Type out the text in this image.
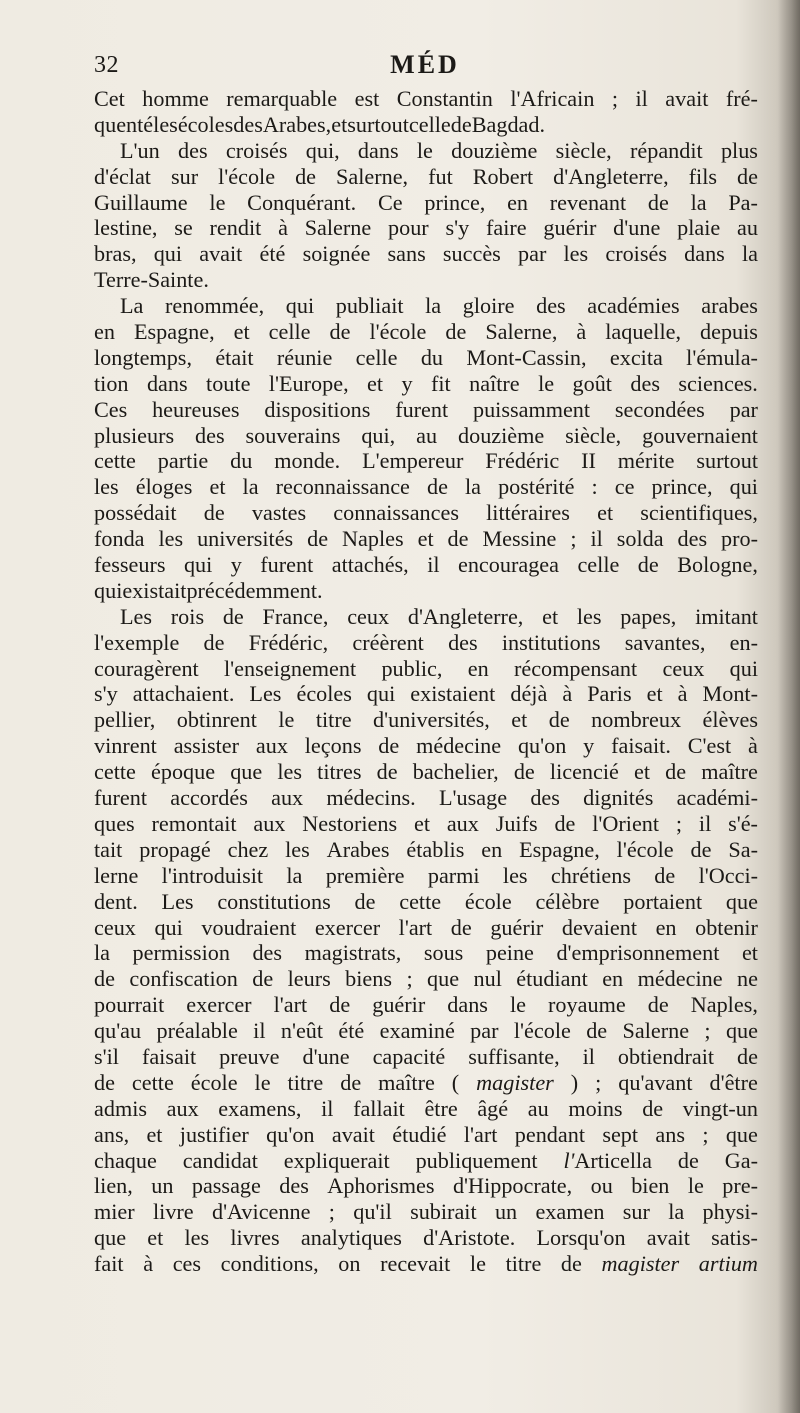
32	MÉD
Cet homme remarquable est Constantin l'Africain ; il avait fré-
quenté les écoles des Arabes, et surtout celle de Bagdad.
L'un des croisés qui, dans le douzième siècle, répandit plus
d'éclat sur l'école de Salerne, fut Robert d'Angleterre, fils de
Guillaume le Conquérant. Ce prince, en revenant de la Pa-
lestine, se rendit à Salerne pour s'y faire guérir d'une plaie au
bras, qui avait été soignée sans succès par les croisés dans la
Terre-Sainte.
La renommée, qui publiait la gloire des académies arabes
en Espagne, et celle de l'école de Salerne, à laquelle, depuis
longtemps, était réunie celle du Mont-Cassin, excita l'émula-
tion dans toute l'Europe, et y fit naître le goût des sciences.
Ces heureuses dispositions furent puissamment secondées par
plusieurs des souverains qui, au douzième siècle, gouvernaient
cette partie du monde. L'empereur Frédéric II mérite surtout
les éloges et la reconnaissance de la postérité : ce prince, qui
possédait de vastes connaissances littéraires et scientifiques,
fonda les universités de Naples et de Messine ; il solda des pro-
fesseurs qui y furent attachés, il encouragea celle de Bologne,
qui existait précédemment.
Les rois de France, ceux d'Angleterre, et les papes, imitant
l'exemple de Frédéric, créèrent des institutions savantes, en-
couragèrent l'enseignement public, en récompensant ceux qui
s'y attachaient. Les écoles qui existaient déjà à Paris et à Mont-
pellier, obtinrent le titre d'universités, et de nombreux élèves
vinrent assister aux leçons de médecine qu'on y faisait. C'est à
cette époque que les titres de bachelier, de licencié et de maître
furent accordés aux médecins. L'usage des dignités académi-
ques remontait aux Nestoriens et aux Juifs de l'Orient ; il s'é-
tait propagé chez les Arabes établis en Espagne, l'école de Sa-
lerne l'introduisit la première parmi les chrétiens de l'Occi-
dent. Les constitutions de cette école célèbre portaient que
ceux qui voudraient exercer l'art de guérir devaient en obtenir
la permission des magistrats, sous peine d'emprisonnement et
de confiscation de leurs biens ; que nul étudiant en médecine ne
pourrait exercer l'art de guérir dans le royaume de Naples,
qu'au préalable il n'eût été examiné par l'école de Salerne ; que
s'il faisait preuve d'une capacité suffisante, il obtiendrait de
de cette école le titre de maître ( magister ) ; qu'avant d'être
admis aux examens, il fallait être âgé au moins de vingt-un
ans, et justifier qu'on avait étudié l'art pendant sept ans ; que
chaque candidat expliquerait publiquement l'Articella de Ga-
lien, un passage des Aphorismes d'Hippocrate, ou bien le pre-
mier livre d'Avicenne ; qu'il subirait un examen sur la physi-
que et les livres analytiques d'Aristote. Lorsqu'on avait satis-
fait à ces conditions, on recevait le titre de magister artium
